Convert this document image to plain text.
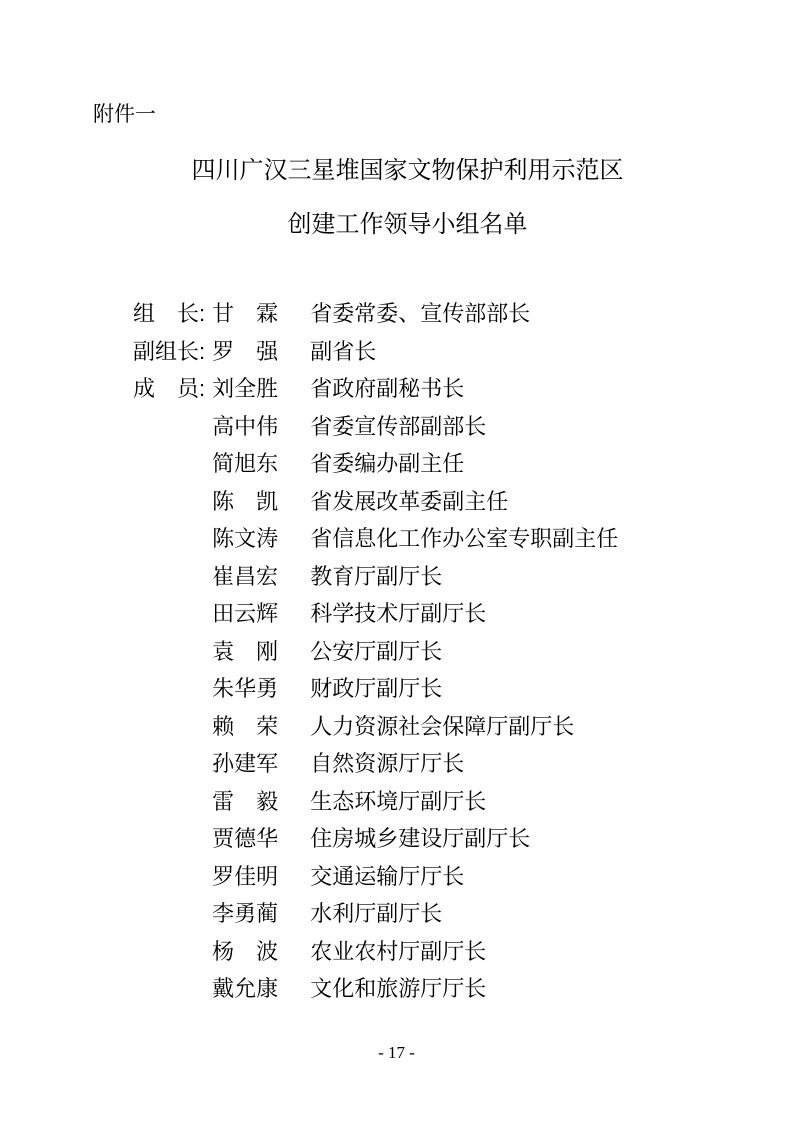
附件一
四川广汉三星堆国家文物保护利用示范区
创建工作领导小组名单
组　长: 甘　霖 省委常委、宣传部部长
副组长: 罗　强 副省长
成　员: 刘全胜 省政府副秘书长
高中伟 省委宣传部副部长
简旭东 省委编办副主任
陈　凯 省发展改革委副主任
陈文涛 省信息化工作办公室专职副主任
崔昌宏 教育厅副厅长
田云辉 科学技术厅副厅长
袁　刚 公安厅副厅长
朱华勇 财政厅副厅长
赖　荣 人力资源社会保障厅副厅长
孙建军 自然资源厅厅长
雷　毅 生态环境厅副厅长
贾德华 住房城乡建设厅副厅长
罗佳明 交通运输厅厅长
李勇蔺 水利厅副厅长
杨　波 农业农村厅副厅长
戴允康 文化和旅游厅厅长
- 17 -
